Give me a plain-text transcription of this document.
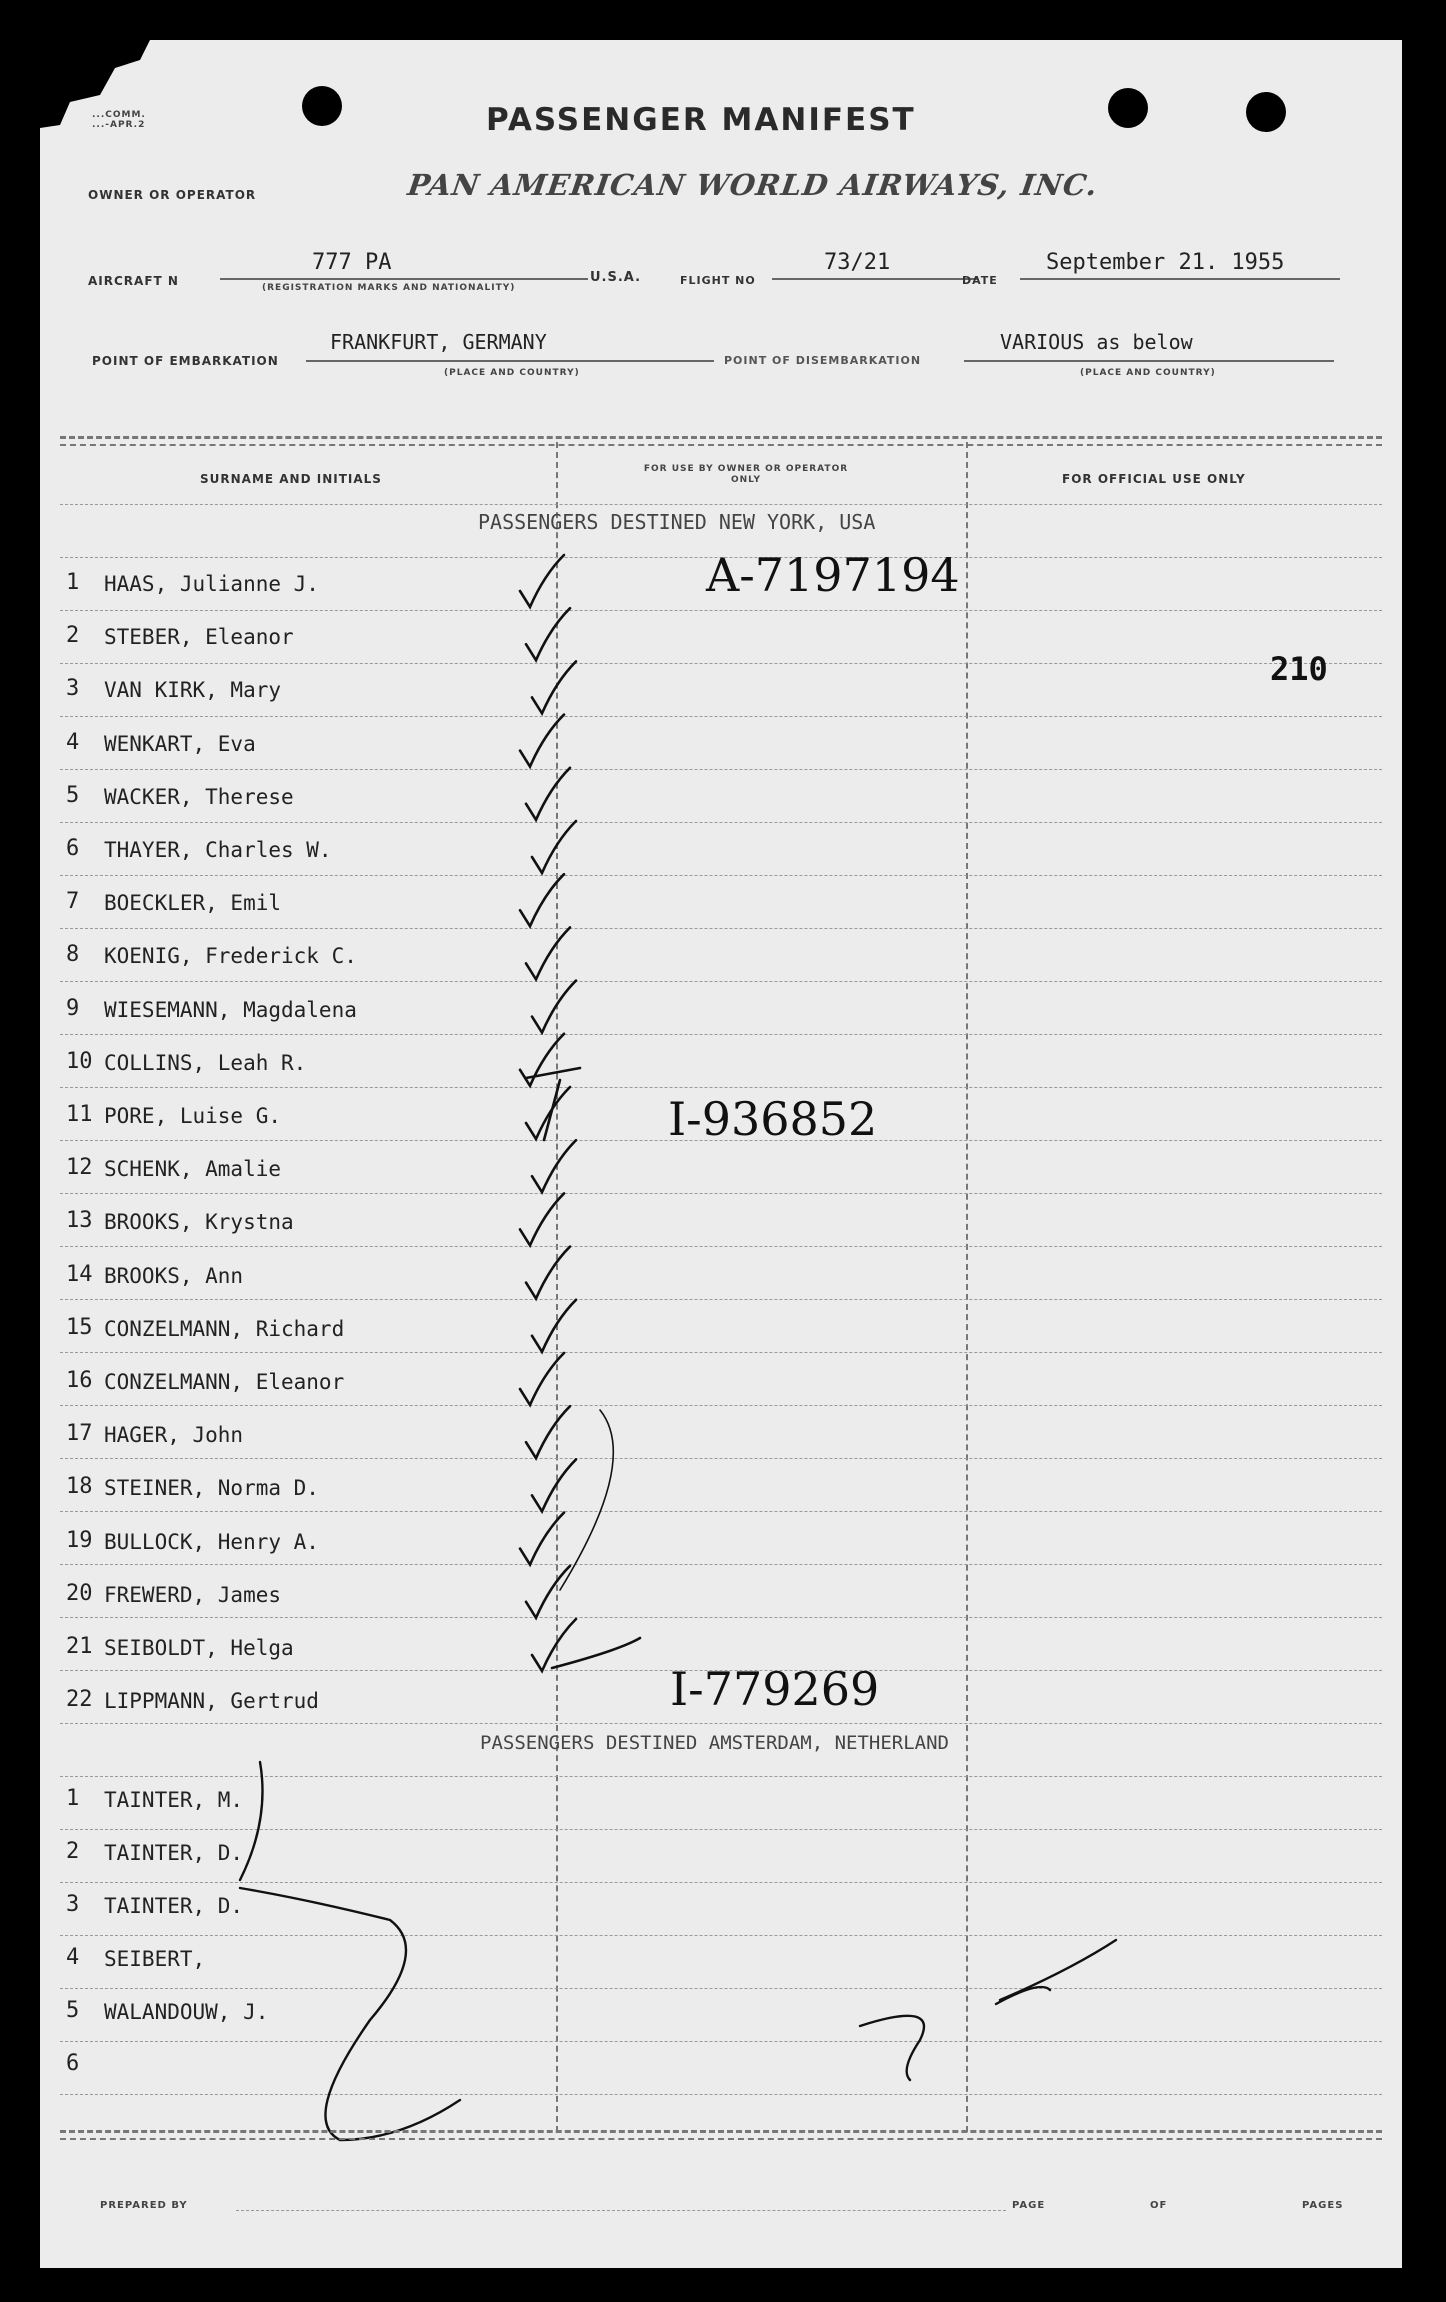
...COMM.
...-APR.2	PASSENGER MANIFEST
OWNER OR OPERATOR	PAN AMERICAN WORLD AIRWAYS, INC.
AIRCRAFT N
777 PA
(REGISTRATION MARKS AND NATIONALITY)
U.S.A.	FLIGHT NO
73/21
DATE
September 21. 1955
POINT OF EMBARKATION
FRANKFURT, GERMANY
(PLACE AND COUNTRY)
POINT OF DISEMBARKATION
VARIOUS as below
(PLACE AND COUNTRY)
SURNAME AND INITIALS
FOR USE BY OWNER OR OPERATOR ONLY	FOR OFFICIAL USE ONLY
PASSENGERS DESTINED NEW YORK, USA
1 HAAS, Julianne J.
2 STEBER, Eleanor
3 VAN KIRK, Mary
4 WENKART, Eva
5 WACKER, Therese
6 THAYER, Charles W.
7 BOECKLER, Emil
8 KOENIG, Frederick C.
9 WIESEMANN, Magdalena
10 COLLINS, Leah R.
11 PORE, Luise G.
12 SCHENK, Amalie
13 BROOKS, Krystna
14 BROOKS, Ann
15 CONZELMANN, Richard
16 CONZELMANN, Eleanor
17 HAGER, John
18 STEINER, Norma D.
19 BULLOCK, Henry A.
20 FREWERD, James
21 SEIBOLDT, Helga
22 LIPPMANN, Gertrud
PASSENGERS DESTINED AMSTERDAM, NETHERLAND
1 TAINTER, M.
2 TAINTER, D.
3 TAINTER, D.
4 SEIBERT,
5 WALANDOUW, J.
6
A-7197194
I-936852
I-779269
210
PREPARED BY	PAGE	OF	PAGES
